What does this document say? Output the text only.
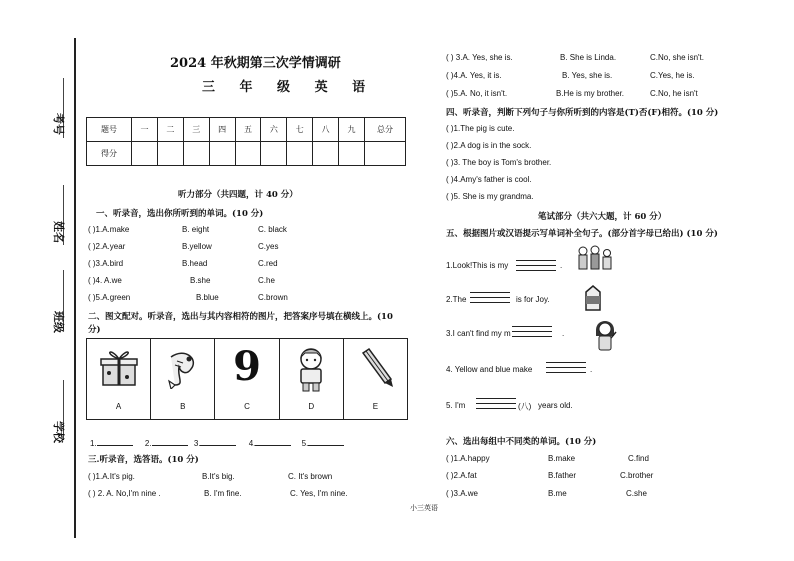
考号
姓名
班级
学校
2024 年秋期第三次学情调研
三 年 级 英 语
题号	一	二	三	四	五	六	七	八	九	总分
得分										
听力部分（共四题，计 40 分）
一、听录音，选出你所听到的单词。(10 分)
( )1.A.make	B. eight	C. black
( )2.A.year	B.yellow	C.yes
( )3.A.bird	B.head	C.red
( )4. A.we	B.she	C.he
( )5.A.green	B.blue	C.brown
二、图文配对。听录音，选出与其内容相符的图片，把答案序号填在横线上。(10
分)
A	B
9
C	D	E
1.	2.	3.	4.	5.
三.听录音，选答语。(10 分)
( )1.A.It's pig.	B.It's big.	C. It's brown
( ) 2. A. No,I'm nine .	B. I'm fine.	C. Yes, I'm nine.
( ) 3.A. Yes, she is.	B. She is Linda.	C.No, she isn't.
( )4.A. Yes, it is.	B. Yes, she is.	C.Yes, he is.
( )5.A. No, it isn't.	B.He is my brother.	C.No, he isn't
四、听录音，判断下列句子与你所听到的内容是(T)否(F)相符。(10 分)
( )1.The pig is cute.
( )2.A dog is in the sock.
( )3. The boy is Tom's brother.
( )4.Amy's father is cool.
( )5. She is my grandma.
笔试部分（共六大题，计 60 分）
五、根据图片或汉语提示写单词补全句子。(部分首字母已给出) (10 分)
1.Look!This is my	.
2.The	is for Joy.
3.I can't find my m	.
4. Yellow and blue make	.
5. I'm	(八) years old.
六、选出每组中不同类的单词。(10 分)
( )1.A.happy	B.make	C.find
( )2.A.fat	B.father	C.brother
( )3.A.we	B.me	C.she
小三英语
